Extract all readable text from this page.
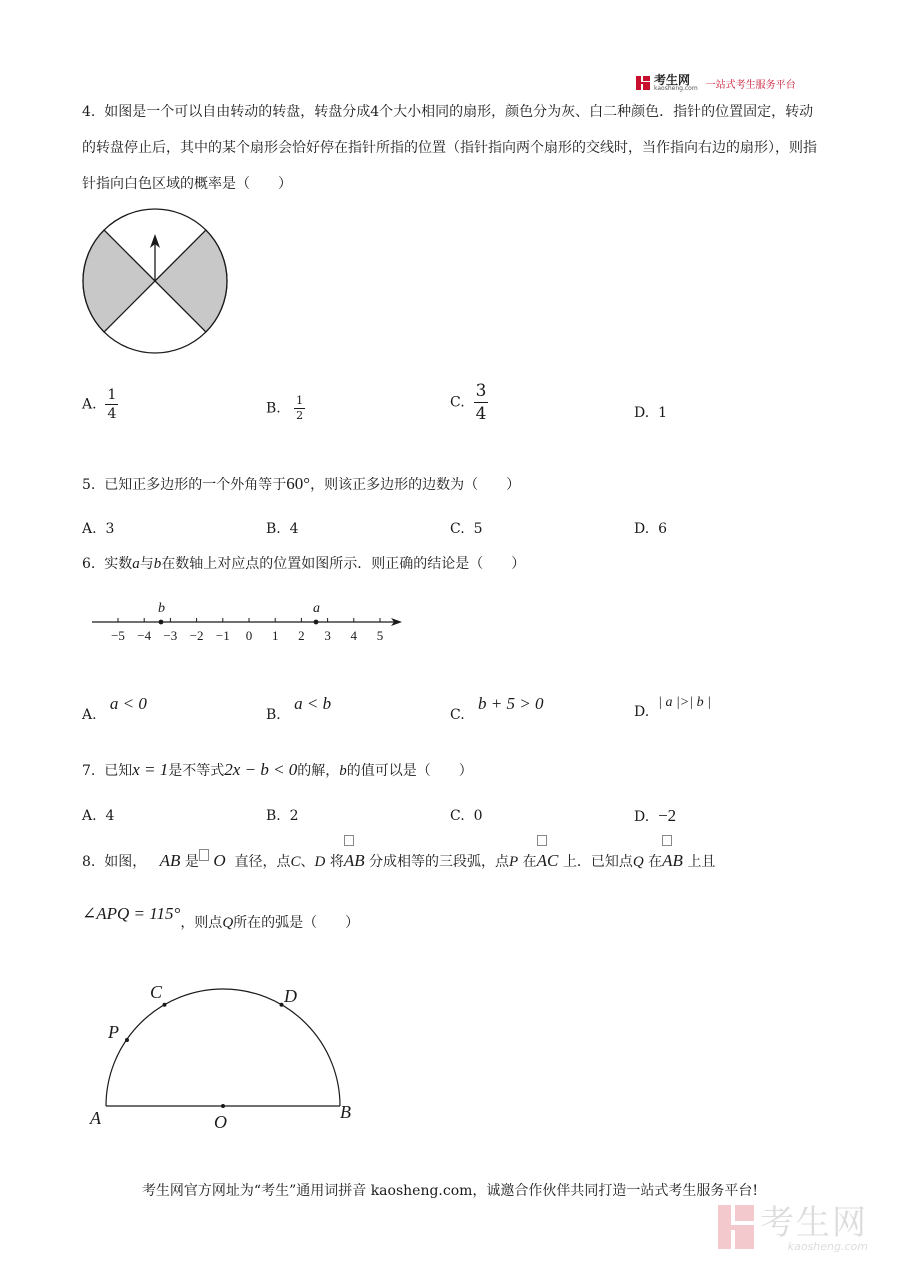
考生网
kaosheng.com 一站式考生服务平台
4. 如图是一个可以自由转动的转盘，转盘分成4个大小相同的扇形，颜色分为灰、白二种颜色．指针的位置固定，转动的转盘停止后，其中的某个扇形会恰好停在指针所指的位置（指针指向两个扇形的交线时，当作指向右边的扇形），则指针指向白色区域的概率是（　　）
A. $\frac{1}{4}$	B. $\frac{1}{2}$	C. $\frac{3}{4}$	D. 1
5. 已知正多边形的一个外角等于60°，则该正多边形的边数为（　　）
A. 3	B. 4	C. 5	D. 6
6. 实数a与b在数轴上对应点的位置如图所示．则正确的结论是（　　）
−5 −4 −3 −2 −1 0 1 2 3 4 5
b	a
A.   a < 0
B.   a < b
C.   b + 5 > 0	D.  | a |>| b |
7. 已知x = 1是不等式2x − b < 0的解，b的值可以是（　　）
A. 4	B. 2	C. 0	D. −2
8. 如图， AB 是 O 直径，点C、D 将
AB 分成相等的三段弧，点P 在
AC 上．已知点Q 在
AB 上且
∠APQ = 115°，则点Q所在的弧是（　　）
A	B
O
C	D
P
考生网官方网址为“考生”通用词拼音 kaosheng.com，诚邀合作伙伴共同打造一站式考生服务平台!
考生网
kaosheng.com
